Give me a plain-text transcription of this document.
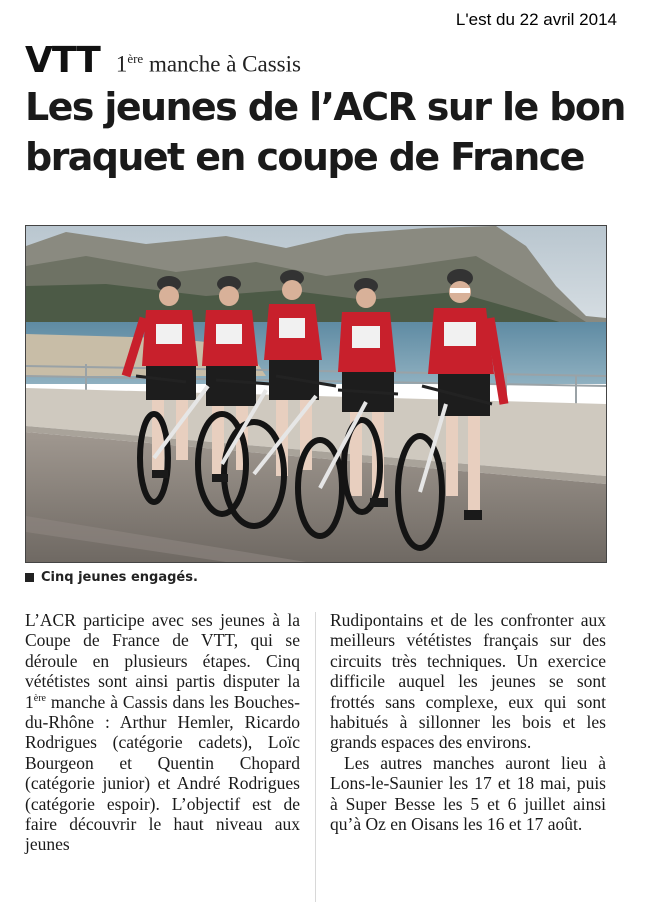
L'est du 22 avril 2014
VTT 1ère manche à Cassis
Les jeunes de l’ACR sur le bon braquet en coupe de France
Cinq jeunes engagés.

L’ACR participe avec ses jeunes à la Coupe de France de VTT, qui se déroule en plusieurs étapes. Cinq vététistes sont ainsi partis disputer la 1ère manche à Cassis dans les Bouches-du-Rhône : Arthur Hemler, Ricardo Rodrigues (catégorie cadets), Loïc Bourgeon et Quentin Chopard (catégorie junior) et André Rodrigues (catégorie espoir). L’objectif est de faire découvrir le haut niveau aux jeunes

Rudipontains et de les confronter aux meilleurs vététistes français sur des circuits très techniques. Un exercice difficile auquel les jeunes se sont frottés sans complexe, eux qui sont habitués à sillonner les bois et les grands espaces des environs.

Les autres manches auront lieu à Lons-le-Saunier les 17 et 18 mai, puis à Super Besse les 5 et 6 juillet ainsi qu’à Oz en Oisans les 16 et 17 août.
